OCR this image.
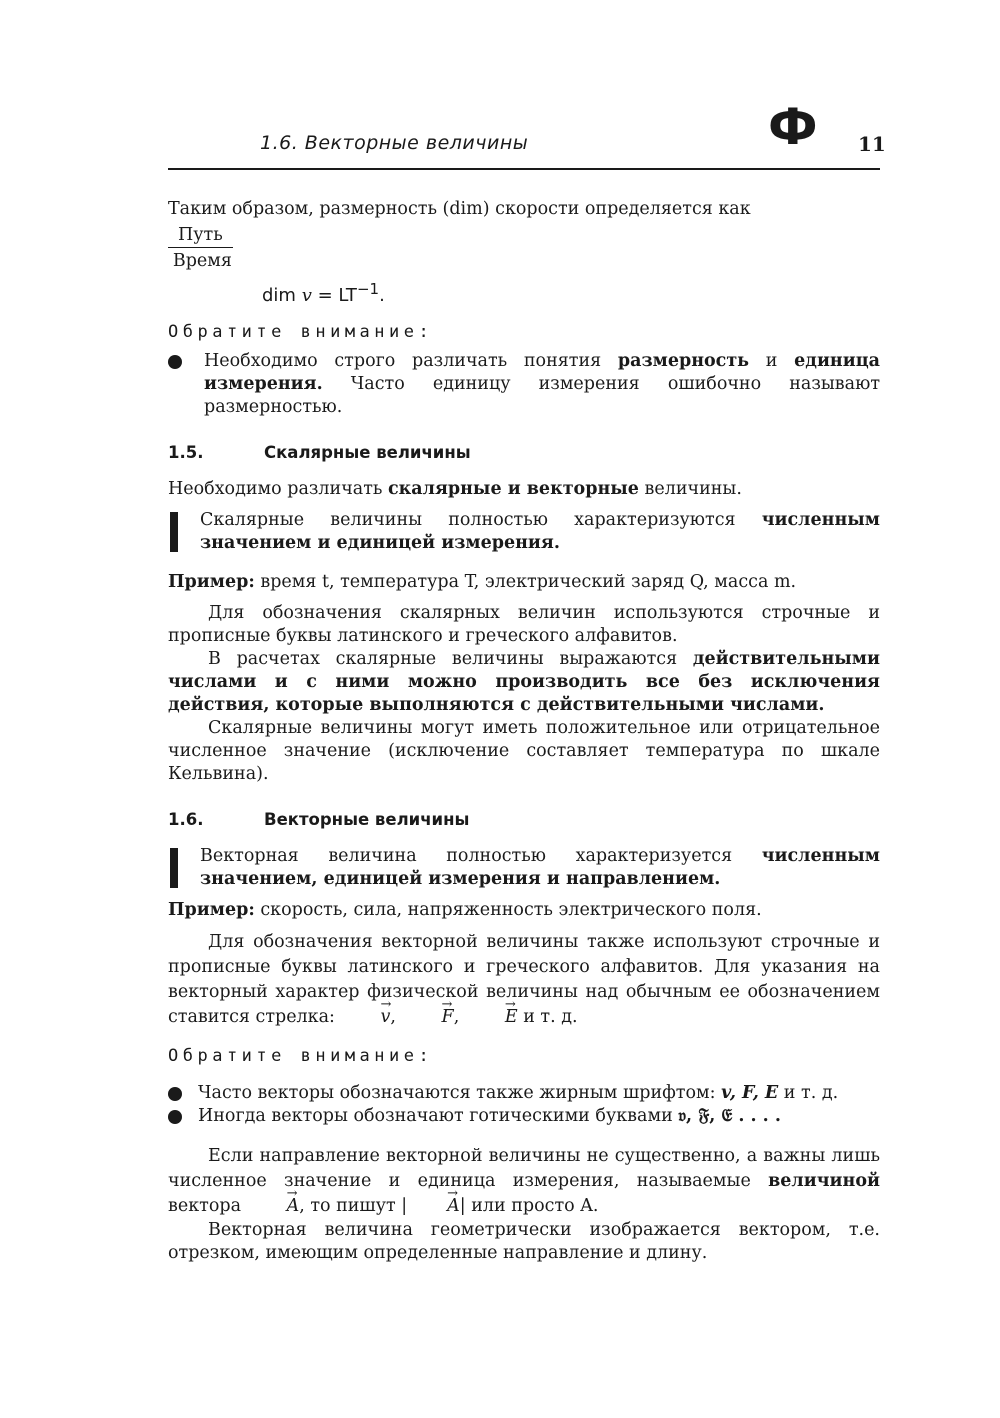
1.6. Векторные величины	Ф 11

Таким образом, размерность (dim) скорости определяется как

$\frac{\text{Путь}}{\text{Время}}$

dim $v = LT^{-1}$.

Обратите внимание:

Необходимо строго различать понятия размерность и единица измерения. Часто единицу измерения ошибочно называют размерностью.

1.5.	Скалярные величины

Необходимо различать скалярные и векторные величины.

Скалярные величины полностью характеризуются численным значением и единицей измерения.

Пример: время t, температура T, электрический заряд Q, масса m.

Для обозначения скалярных величин используются строчные и прописные буквы латинского и греческого алфавитов.

В расчетах скалярные величины выражаются действительными числами и с ними можно производить все без исключения действия, которые выполняются с действительными числами.

Скалярные величины могут иметь положительное или отрицательное численное значение (исключение составляет температура по шкале Кельвина).

1.6.	Векторные величины

Векторная величина полностью характеризуется численным значением, единицей измерения и направлением.

Пример: скорость, сила, напряженность электрического поля.

Для обозначения векторной величины также используют строчные и прописные буквы латинского и греческого алфавитов. Для указания на векторный характер физической величины над обычным ее обозначением ставится стрелка: → v, → F, → E и т. д.

Обратите внимание:

Часто векторы обозначаются также жирным шрифтом: v, F, E и т. д.

Иногда векторы обозначают готическими буквами 𝔳, 𝔉, 𝔈 . . . .

Если направление векторной величины не существенно, а важны лишь численное значение и единица измерения, называемые величиной вектора → A, то пишут |→ A| или просто A.

Векторная величина геометрически изображается вектором, т.е. отрезком, имеющим определенные направление и длину.
